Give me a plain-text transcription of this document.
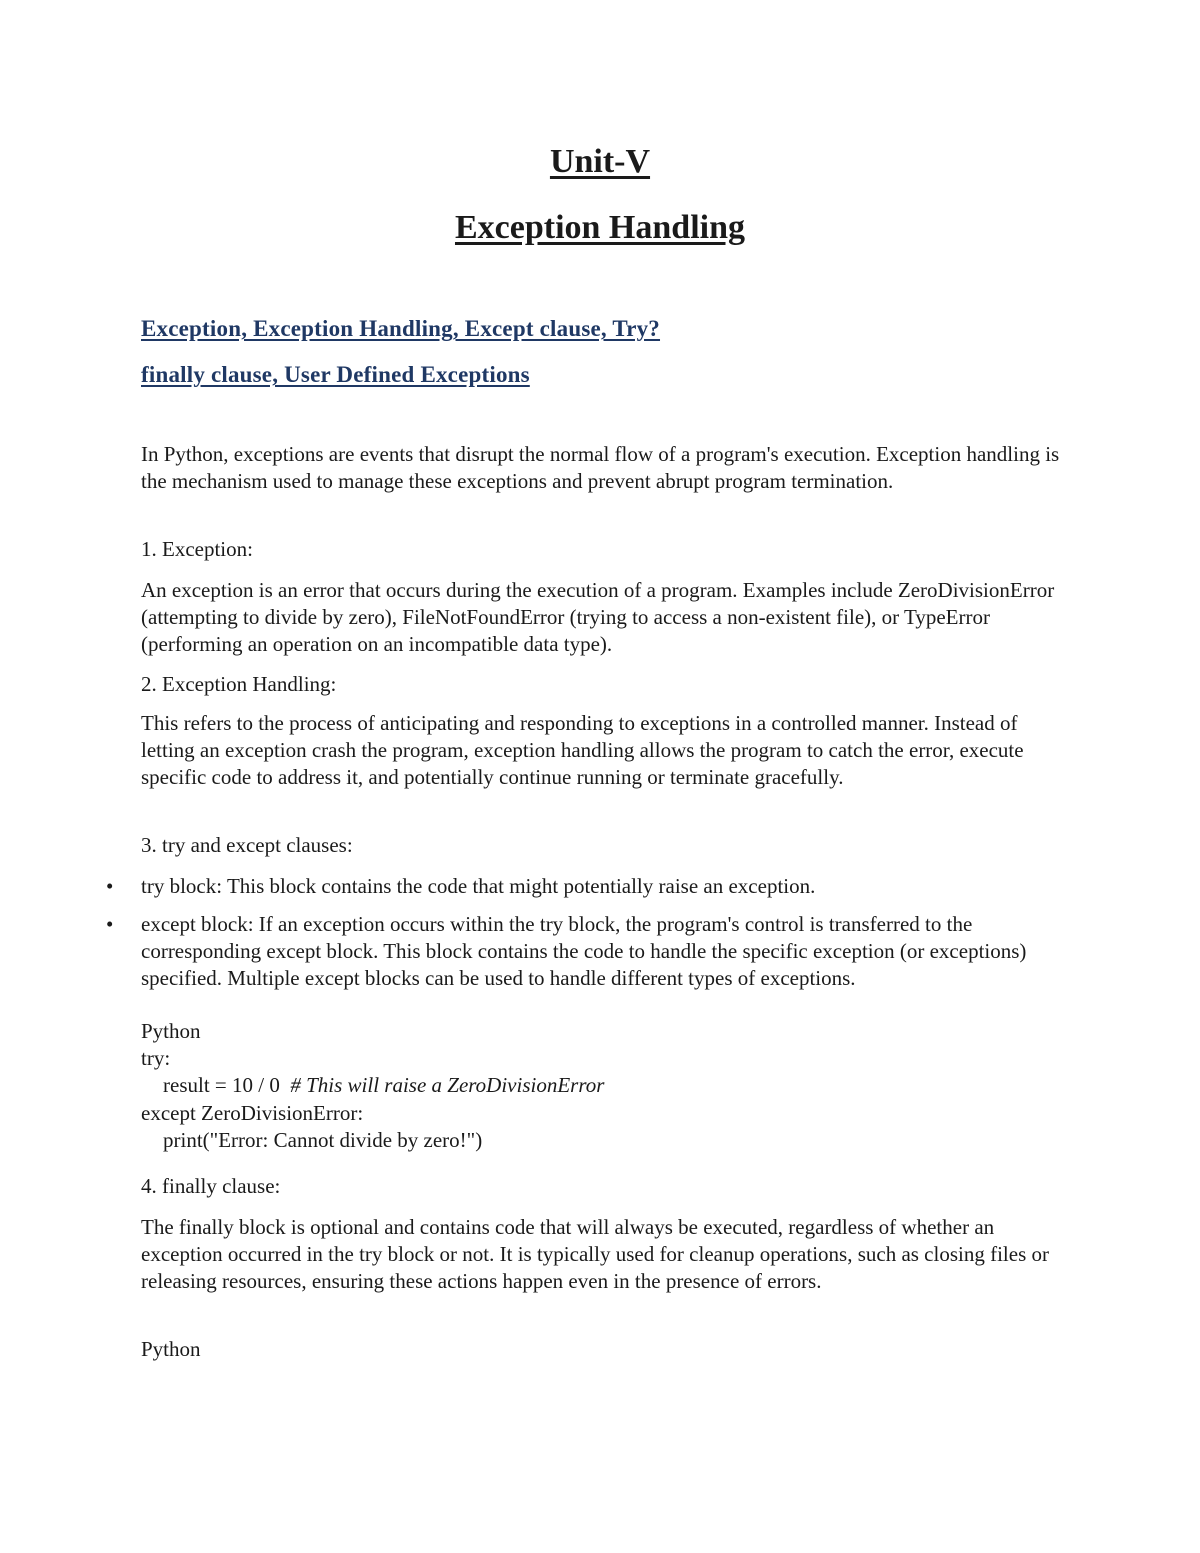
Unit-V
Exception Handling
Exception, Exception Handling, Except clause, Try?
finally clause, User Defined Exceptions

In Python, exceptions are events that disrupt the normal flow of a program's execution. Exception handling is the mechanism used to manage these exceptions and prevent abrupt program termination.

1. Exception:

An exception is an error that occurs during the execution of a program. Examples include ZeroDivisionError (attempting to divide by zero), FileNotFoundError (trying to access a non-existent file), or TypeError (performing an operation on an incompatible data type).

2. Exception Handling:

This refers to the process of anticipating and responding to exceptions in a controlled manner. Instead of letting an exception crash the program, exception handling allows the program to catch the error, execute specific code to address it, and potentially continue running or terminate gracefully.

3. try and except clauses:

• try block: This block contains the code that might potentially raise an exception.

• except block: If an exception occurs within the try block, the program's control is transferred to the corresponding except block. This block contains the code to handle the specific exception (or exceptions) specified. Multiple except blocks can be used to handle different types of exceptions.

Python
try:
result = 10 / 0  # This will raise a ZeroDivisionError
except ZeroDivisionError:
print("Error: Cannot divide by zero!")

4. finally clause:

The finally block is optional and contains code that will always be executed, regardless of whether an exception occurred in the try block or not. It is typically used for cleanup operations, such as closing files or releasing resources, ensuring these actions happen even in the presence of errors.

Python
